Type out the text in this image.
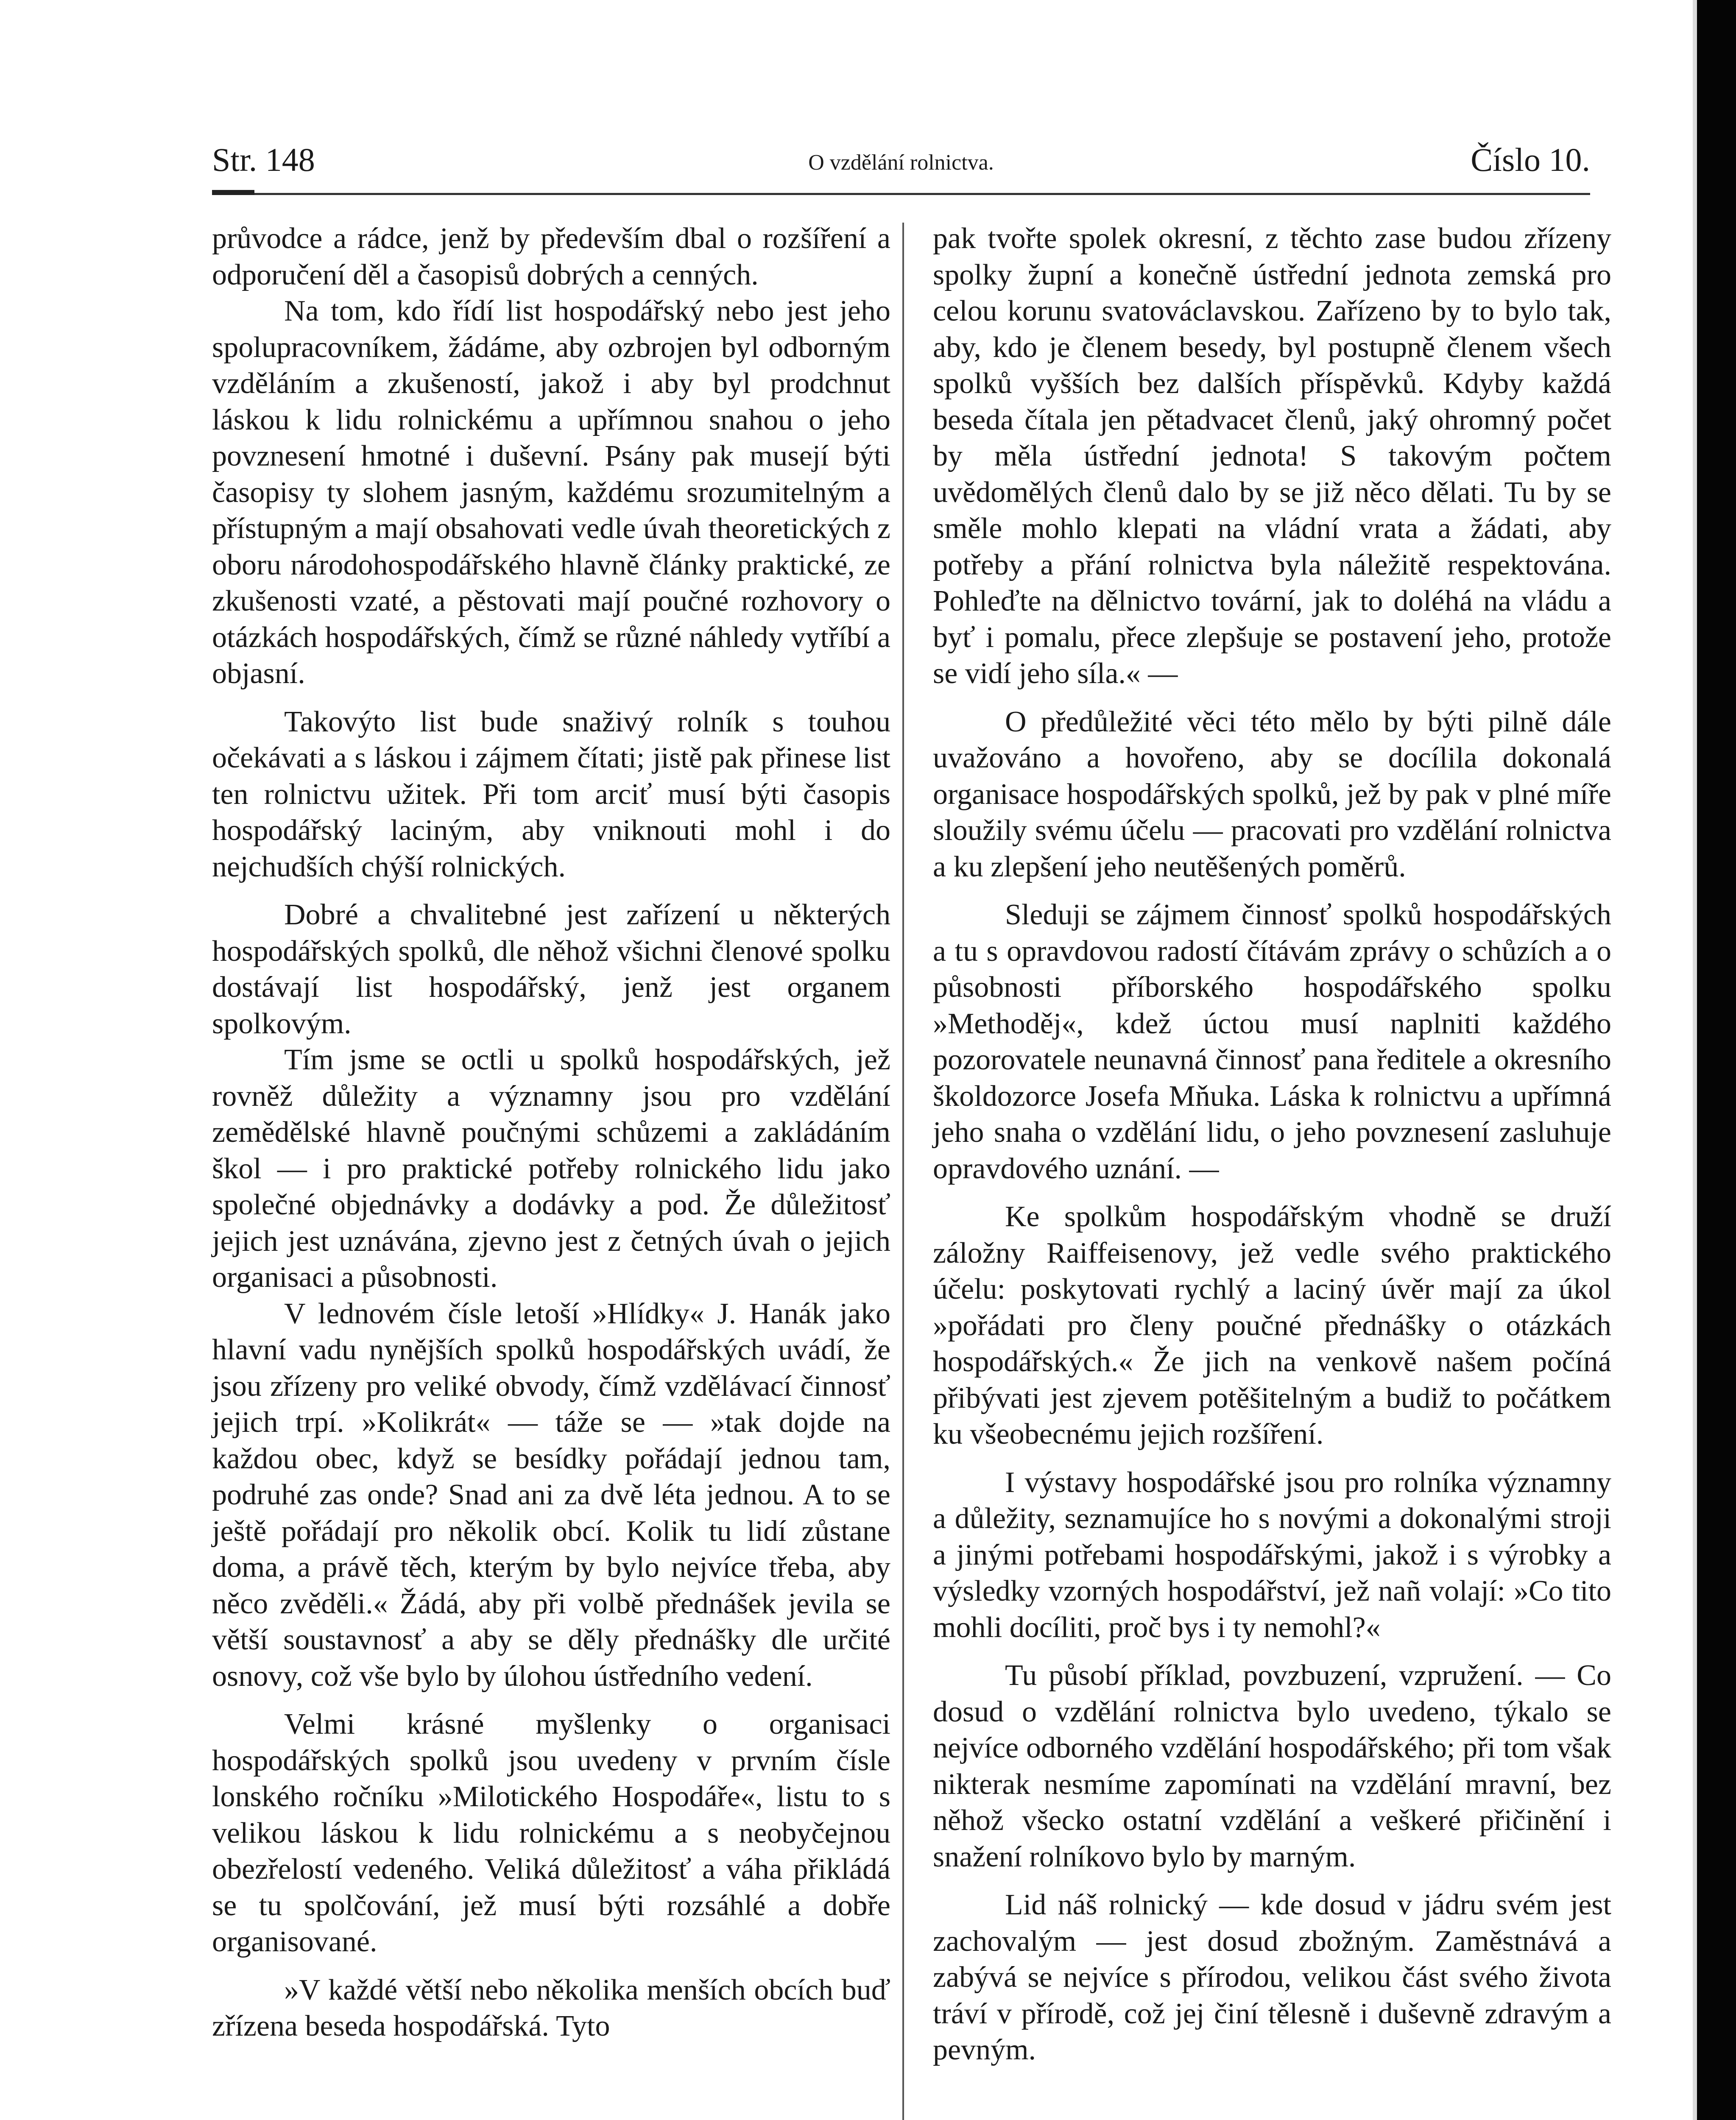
Str. 148	O vzdělání rolnictva.	Číslo 10.

průvodce a rádce, jenž by především dbal o rozšíření a odporučení děl a časopisů dobrých a cenných.

Na tom, kdo řídí list hospodářský nebo jest jeho spolupracovníkem, žádáme, aby ozbrojen byl odborným vzděláním a zkušeností, jakož i aby byl prodchnut láskou k lidu rolnickému a upřímnou snahou o jeho povznesení hmotné i duševní. Psány pak musejí býti časopisy ty slohem jasným, každému srozumitelným a přístupným a mají obsahovati vedle úvah theoretických z oboru národohospodářského hlavně články praktické, ze zkušenosti vzaté, a pěstovati mají poučné rozhovory o otázkách hospodářských, čímž se různé náhledy vytříbí a objasní.

Takovýto list bude snaživý rolník s touhou očekávati a s láskou i zájmem čítati; jistě pak přinese list ten rolnictvu užitek. Při tom arciť musí býti časopis hospodářský laciným, aby vniknouti mohl i do nejchudších chýší rolnických.

Dobré a chvalitebné jest zařízení u některých hospodářských spolků, dle něhož všichni členové spolku dostávají list hospodářský, jenž jest organem spolkovým.

Tím jsme se octli u spolků hospodářských, jež rovněž důležity a významny jsou pro vzdělání zemědělské hlavně poučnými schůzemi a zakládáním škol — i pro praktické potřeby rolnického lidu jako společné objednávky a dodávky a pod. Že důležitosť jejich jest uznávána, zjevno jest z četných úvah o jejich organisaci a působnosti.

V lednovém čísle letoší »Hlídky« J. Hanák jako hlavní vadu nynějších spolků hospodářských uvádí, že jsou zřízeny pro veliké obvody, čímž vzdělávací činnosť jejich trpí. »Kolikrát« — táže se — »tak dojde na každou obec, když se besídky pořádají jednou tam, podruhé zas onde? Snad ani za dvě léta jednou. A to se ještě pořádají pro několik obcí. Kolik tu lidí zůstane doma, a právě těch, kterým by bylo nejvíce třeba, aby něco zvěděli.« Žádá, aby při volbě přednášek jevila se větší soustavnosť a aby se děly přednášky dle určité osnovy, což vše bylo by úlohou ústředního vedení.

Velmi krásné myšlenky o organisaci hospodářských spolků jsou uvedeny v prvním čísle lonského ročníku »Milotického Hospodáře«, listu to s velikou láskou k lidu rolnickému a s neobyčejnou obezřelostí vedeného. Veliká důležitosť a váha přikládá se tu spolčování, jež musí býti rozsáhlé a dobře organisované.

»V každé větší nebo několika menších obcích buď zřízena beseda hospodářská. Tyto

pak tvořte spolek okresní, z těchto zase budou zřízeny spolky župní a konečně ústřední jednota zemská pro celou korunu svatováclavskou. Zařízeno by to bylo tak, aby, kdo je členem besedy, byl postupně členem všech spolků vyšších bez dalších příspěvků. Kdyby každá beseda čítala jen pětadvacet členů, jaký ohromný počet by měla ústřední jednota! S takovým počtem uvědomělých členů dalo by se již něco dělati. Tu by se směle mohlo klepati na vládní vrata a žádati, aby potřeby a přání rolnictva byla náležitě respektována. Pohleďte na dělnictvo tovární, jak to doléhá na vládu a byť i pomalu, přece zlepšuje se postavení jeho, protože se vidí jeho síla.« —

O předůležité věci této mělo by býti pilně dále uvažováno a hovořeno, aby se docílila dokonalá organisace hospodářských spolků, jež by pak v plné míře sloužily svému účelu — pracovati pro vzdělání rolnictva a ku zlepšení jeho neutěšených poměrů.

Sleduji se zájmem činnosť spolků hospodářských a tu s opravdovou radostí čítávám zprávy o schůzích a o působnosti příborského hospodářského spolku »Methoděj«, kdež úctou musí naplniti každého pozorovatele neunavná činnosť pana ředitele a okresního školdozorce Josefa Mňuka. Láska k rolnictvu a upřímná jeho snaha o vzdělání lidu, o jeho povznesení zasluhuje opravdového uznání. —

Ke spolkům hospodářským vhodně se druží záložny Raiffeisenovy, jež vedle svého praktického účelu: poskytovati rychlý a laciný úvěr mají za úkol »pořádati pro členy poučné přednášky o otázkách hospodářských.« Že jich na venkově našem počíná přibývati jest zjevem potěšitelným a budiž to počátkem ku všeobecnému jejich rozšíření.

I výstavy hospodářské jsou pro rolníka významny a důležity, seznamujíce ho s novými a dokonalými stroji a jinými potřebami hospodářskými, jakož i s výrobky a výsledky vzorných hospodářství, jež nañ volají: »Co tito mohli docíliti, proč bys i ty nemohl?«

Tu působí příklad, povzbuzení, vzpružení. — Co dosud o vzdělání rolnictva bylo uvedeno, týkalo se nejvíce odborného vzdělání hospodářského; při tom však nikterak nesmíme zapomínati na vzdělání mravní, bez něhož všecko ostatní vzdělání a veškeré přičinění i snažení rolníkovo bylo by marným.

Lid náš rolnický — kde dosud v jádru svém jest zachovalým — jest dosud zbožným. Zaměstnává a zabývá se nejvíce s přírodou, velikou část svého života tráví v přírodě, což jej činí tělesně i duševně zdravým a pevným.
